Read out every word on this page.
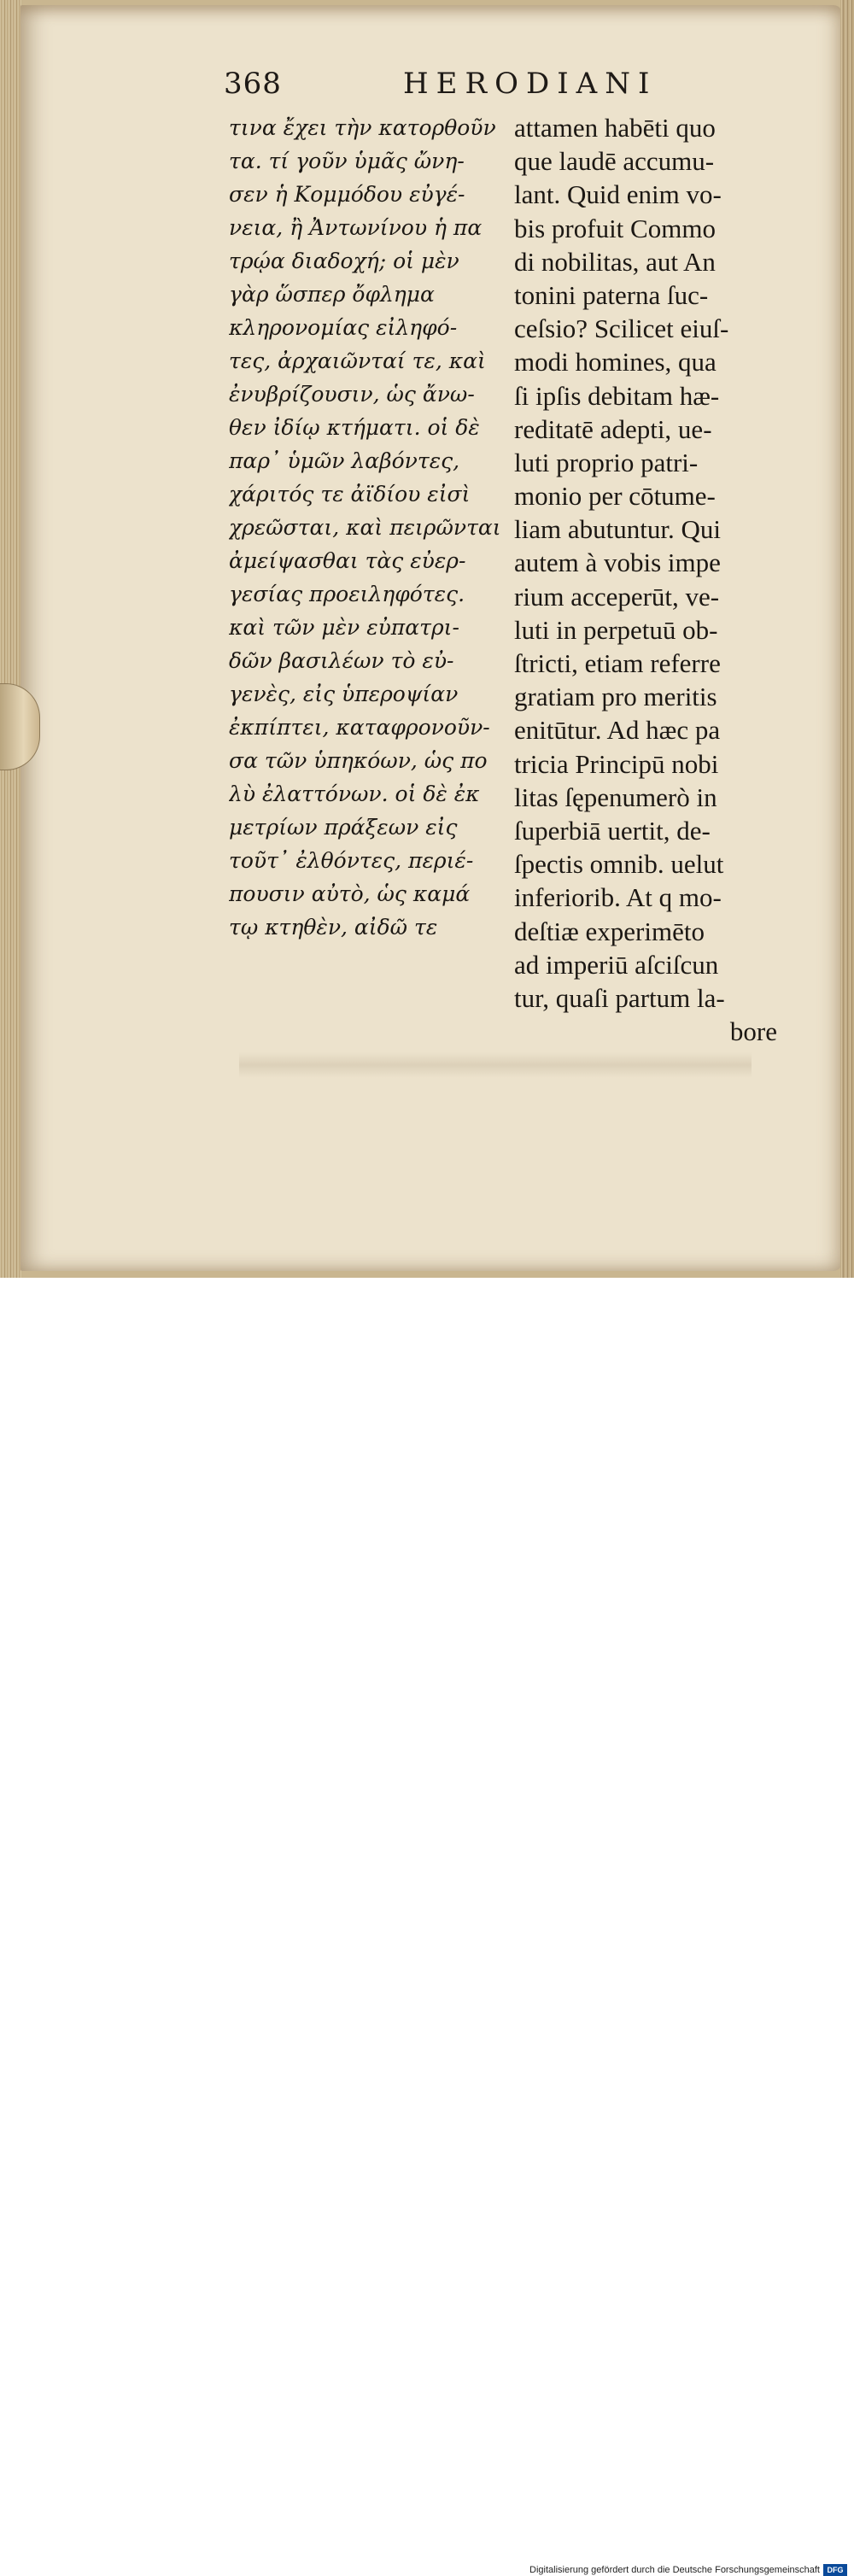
368	HERODIANI
τινα ἔχει τὴν κατορθοῦν
τα. τί γοῦν ὑμᾶς ὤνη-
σεν ἡ Κομμόδου εὐγέ-
νεια, ἢ Ἀντωνίνου ἡ πα
τρῴα διαδοχή; οἱ μὲν
γὰρ ὥσπερ ὄφλημα
κληρονομίας εἰληφό-
τες, ἀρχαιῶνταί τε, καὶ
ἐνυβρίζουσιν, ὡς ἄνω-
θεν ἰδίῳ κτήματι. οἱ δὲ
παρ᾽ ὑμῶν λαβόντες,
χάριτός τε ἀϊδίου εἰσὶ
χρεῶσται, καὶ πειρῶνται
ἀμείψασθαι τὰς εὐερ-
γεσίας προειληφότες.
καὶ τῶν μὲν εὐπατρι-
δῶν βασιλέων τὸ εὐ-
γενὲς, εἰς ὑπεροψίαν
ἐκπίπτει, καταφρονοῦν-
σα τῶν ὑπηκόων, ὡς πο
λὺ ἐλαττόνων. οἱ δὲ ἐκ
μετρίων πράξεων εἰς
τοῦτ᾽ ἐλθόντες, περιέ-
πουσιν αὐτὸ, ὡς καμά
τῳ κτηθὲν, αἰδῶ τε
attamen habēti quo
que laudē accumu-
lant. Quid enim vo-
bis profuit Commo
di nobilitas, aut An
tonini paterna ſuc-
ceſsio? Scilicet eiuſ-
modi homines, qua
ſi ipſis debitam hæ-
reditatē adepti, ue-
luti proprio patri-
monio per cōtume-
liam abutuntur. Qui
autem à vobis impe
rium acceperūt, ve-
luti in perpetuū ob-
ſtricti, etiam referre
gratiam pro meritis
enitūtur. Ad hæc pa
tricia Principū nobi
litas ſępenumerò in
ſuperbiā uertit, de-
ſpectis omnib. uelut
inferiorib. At q mo-
deſtiæ experimēto
ad imperiū aſciſcun
tur, quaſi partum la-
bore
Digitalisierung gefördert durch die Deutsche Forschungsgemeinschaft DFG
